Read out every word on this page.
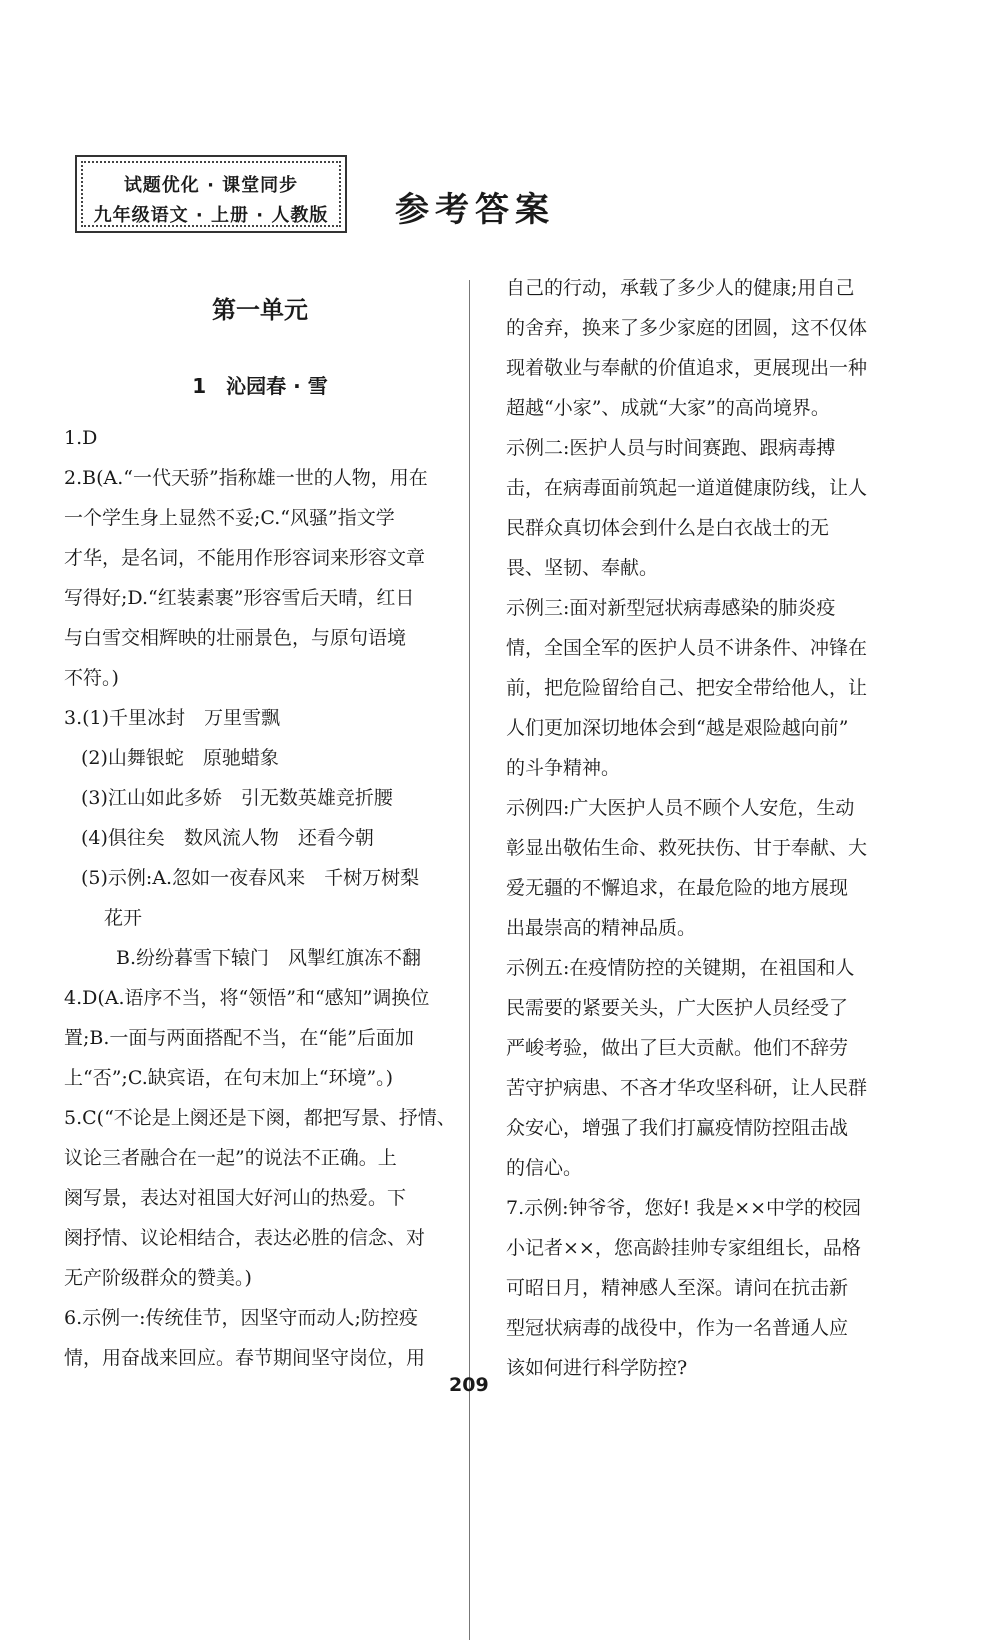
试题优化 · 课堂同步
九年级语文 · 上册 · 人教版	参考答案
第一单元
1　沁园春 · 雪

1.D

2.B(A.“一代天骄”指称雄一世的人物，用在

一个学生身上显然不妥;C.“风骚”指文学

才华，是名词，不能用作形容词来形容文章

写得好;D.“红装素裹”形容雪后天晴，红日

与白雪交相辉映的壮丽景色，与原句语境

不符。)

3.(1)千里冰封　万里雪飘

(2)山舞银蛇　原驰蜡象

(3)江山如此多娇　引无数英雄竞折腰

(4)俱往矣　数风流人物　还看今朝

(5)示例:A.忽如一夜春风来　千树万树梨

花开

B.纷纷暮雪下辕门　风掣红旗冻不翻

4.D(A.语序不当，将“领悟”和“感知”调换位

置;B.一面与两面搭配不当，在“能”后面加

上“否”;C.缺宾语，在句末加上“环境”。)

5.C(“不论是上阕还是下阕，都把写景、抒情、

议论三者融合在一起”的说法不正确。上

阕写景，表达对祖国大好河山的热爱。下

阕抒情、议论相结合，表达必胜的信念、对

无产阶级群众的赞美。)

6.示例一:传统佳节，因坚守而动人;防控疫

情，用奋战来回应。春节期间坚守岗位，用

自己的行动，承载了多少人的健康;用自己

的舍弃，换来了多少家庭的团圆，这不仅体

现着敬业与奉献的价值追求，更展现出一种

超越“小家”、成就“大家”的高尚境界。

示例二:医护人员与时间赛跑、跟病毒搏

击，在病毒面前筑起一道道健康防线，让人

民群众真切体会到什么是白衣战士的无

畏、坚韧、奉献。

示例三:面对新型冠状病毒感染的肺炎疫

情，全国全军的医护人员不讲条件、冲锋在

前，把危险留给自己、把安全带给他人，让

人们更加深切地体会到“越是艰险越向前”

的斗争精神。

示例四:广大医护人员不顾个人安危，生动

彰显出敬佑生命、救死扶伤、甘于奉献、大

爱无疆的不懈追求，在最危险的地方展现

出最崇高的精神品质。

示例五:在疫情防控的关键期，在祖国和人

民需要的紧要关头，广大医护人员经受了

严峻考验，做出了巨大贡献。他们不辞劳

苦守护病患、不吝才华攻坚科研，让人民群

众安心，增强了我们打赢疫情防控阻击战

的信心。

7.示例:钟爷爷，您好! 我是××中学的校园

小记者××，您高龄挂帅专家组组长，品格

可昭日月，精神感人至深。请问在抗击新

型冠状病毒的战役中，作为一名普通人应

该如何进行科学防控?

209
